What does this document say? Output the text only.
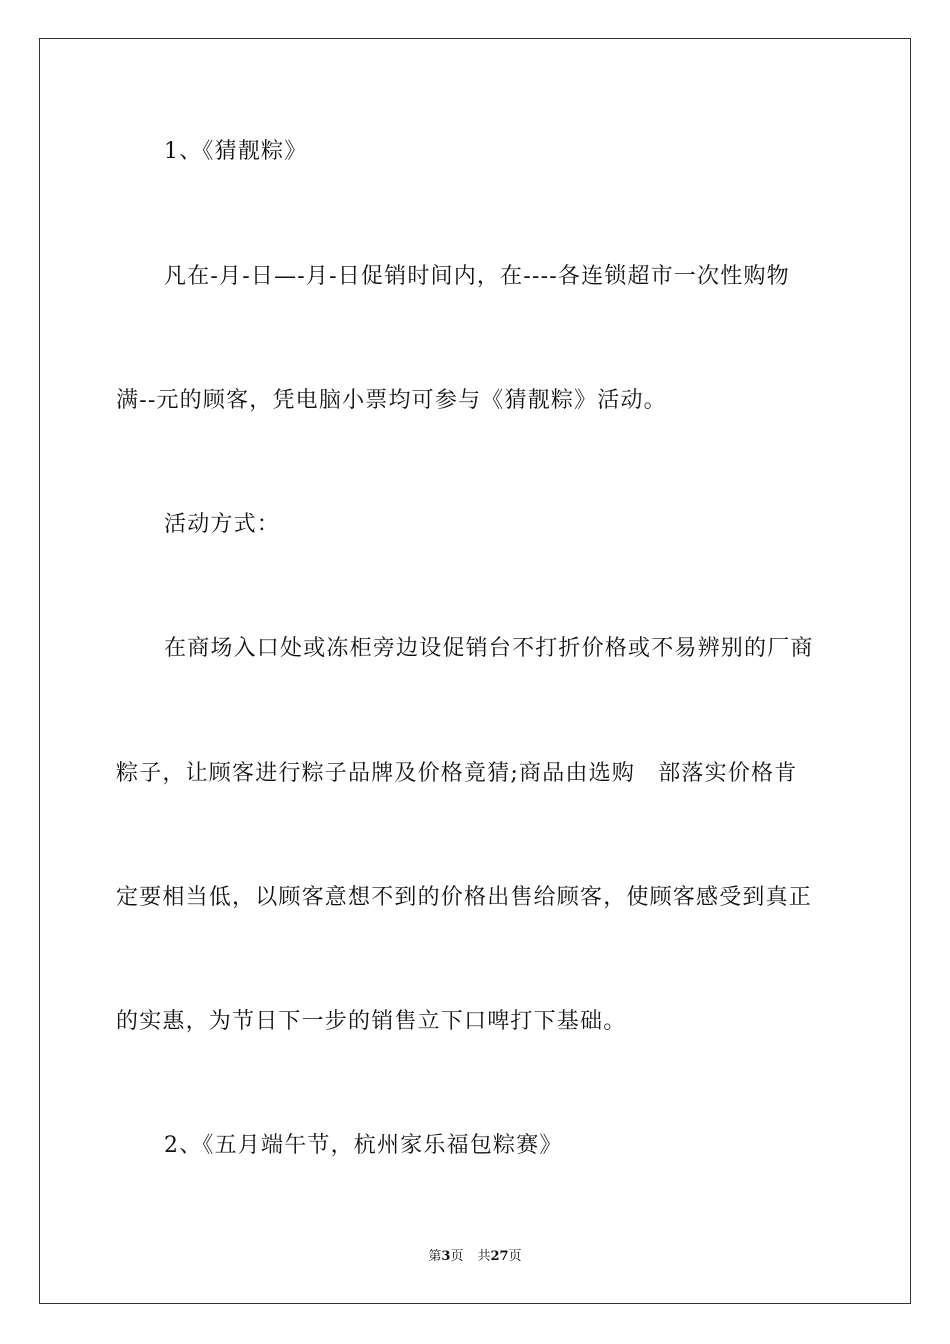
1、《猜靓粽》
凡在-月-日—-月-日促销时间内，在----各连锁超市一次性购物
满--元的顾客，凭电脑小票均可参与《猜靓粽》活动。
活动方式：
在商场入口处或冻柜旁边设促销台不打折价格或不易辨别的厂商
粽子，让顾客进行粽子品牌及价格竟猜;商品由选购　部落实价格肯
定要相当低，以顾客意想不到的价格出售给顾客，使顾客感受到真正
的实惠，为节日下一步的销售立下口啤打下基础。
2、《五月端午节，杭州家乐福包粽赛》
第3页 共27页
